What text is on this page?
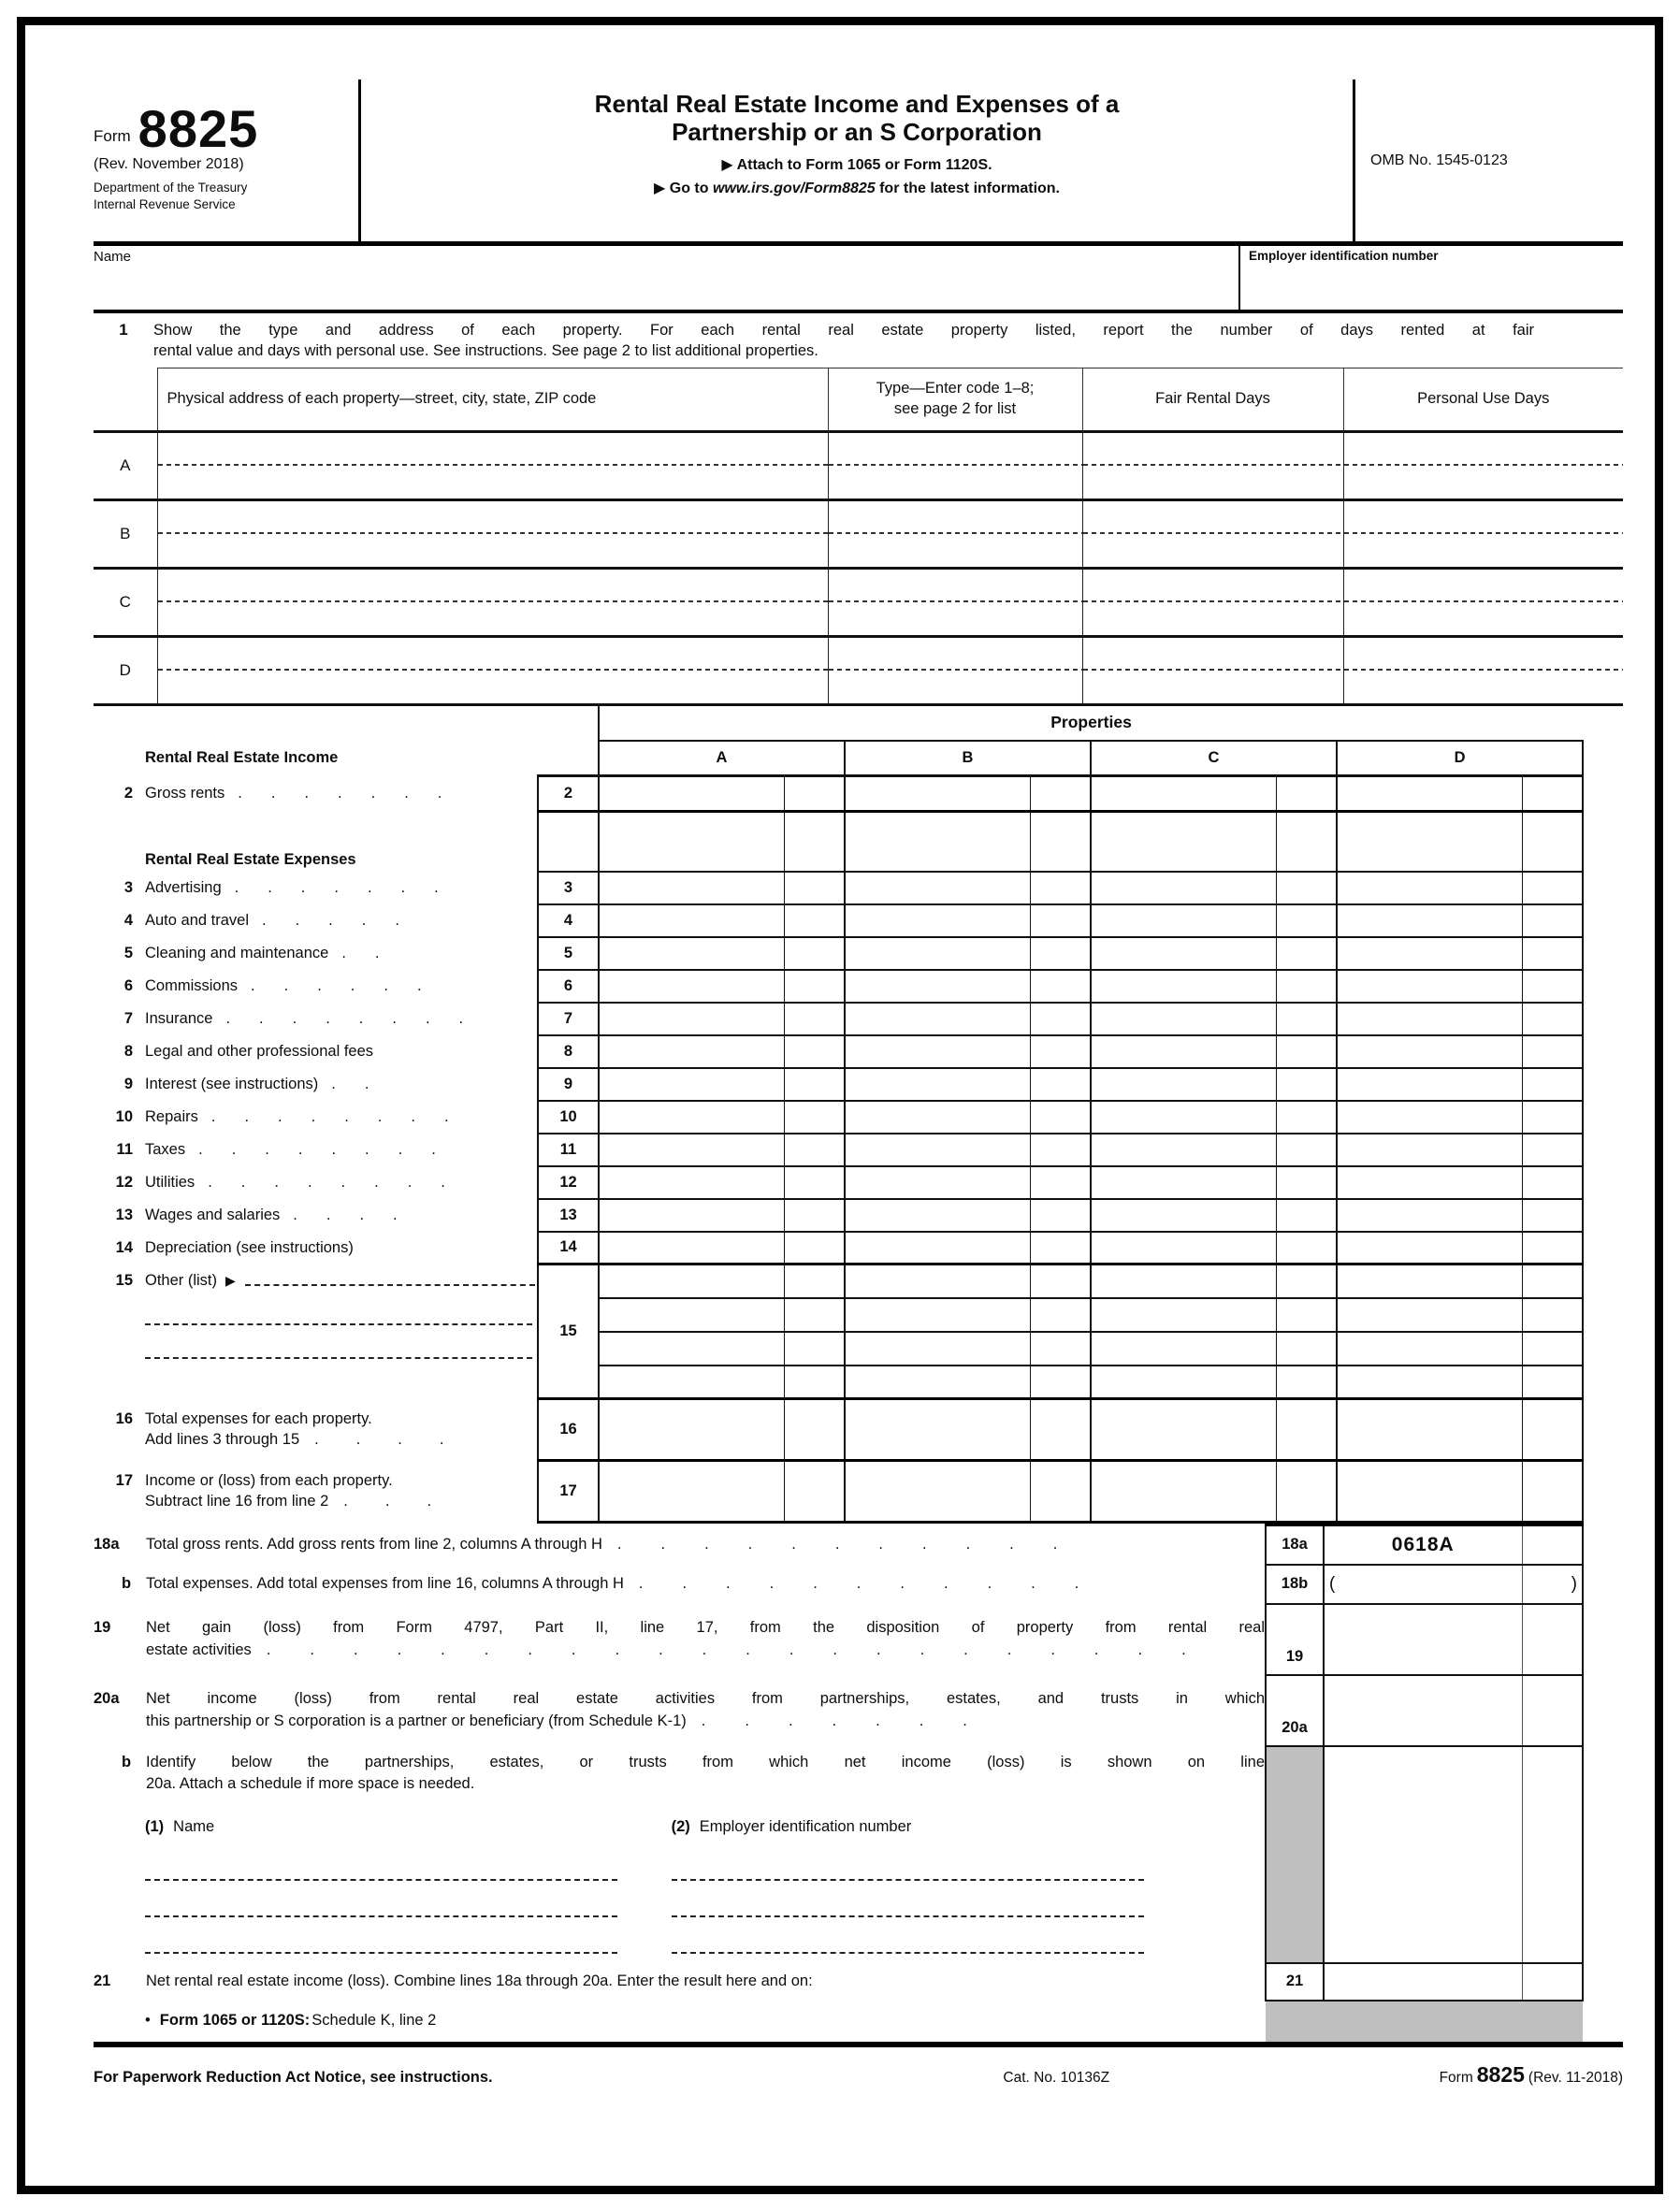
Form 8825
(Rev. November 2018)
Department of the Treasury
Internal Revenue Service
Rental Real Estate Income and Expenses of a
Partnership or an S Corporation
▶ Attach to Form 1065 or Form 1120S.
▶ Go to www.irs.gov/Form8825 for the latest information.
OMB No. 1545-0123
Name	Employer identification number
1	Show the type and address of each property. For each rental real estate property listed, report the number of days rented at fair
rental value and days with personal use. See instructions. See page 2 to list additional properties.
	Physical address of each property—street, city, state, ZIP code	Type—Enter code 1–8;
see page 2 for list	Fair Rental Days	Personal Use Days
A				
B				
C				
D				
		Properties							
Rental Real Estate Income		A		B		C		D	

2 Gross rents .......	2								

Rental Real Estate Expenses									

3 Advertising .......	3								

4 Auto and travel .....	4								

5 Cleaning and maintenance ..	5								

6 Commissions ......	6								

7 Insurance ........	7								

8 Legal and other professional fees	8								

9 Interest (see instructions) ..	9								

10 Repairs ........	10								

11 Taxes ........	11								

12 Utilities ........	12								

13 Wages and salaries ....	13								

14 Depreciation (see instructions)	14								

15 Other (list) ▶	15								

16 Total expenses for each property.
Add lines 3 through 15 ....	16								

17 Income or (loss) from each property.
Subtract line 16 from line 2 ...	17								
18a Total gross rents. Add gross rents from line 2, columns A through H ...........	18a	0618A	

b Total expenses. Add total expenses from line 16, columns A through H ...........	18b	(	)

19 Net gain (loss) from Form 4797, Part II, line 17, from the disposition of property from rental real
estate activities ......................	19		

20a Net income (loss) from rental real estate activities from partnerships, estates, and trusts in which
this partnership or S corporation is a partner or beneficiary (from Schedule K-1) .......	20a		

b Identify below the partnerships, estates, or trusts from which net income (loss) is shown on line
20a. Attach a schedule if more space is needed.
(1) Name (2) Employer identification number			

21 Net rental real estate income (loss). Combine lines 18a through 20a. Enter the result here and on:	21		
• Form 1065 or 1120S: Schedule K, line 2			
For Paperwork Reduction Act Notice, see instructions.	Cat. No. 10136Z	Form 8825 (Rev. 11-2018)
